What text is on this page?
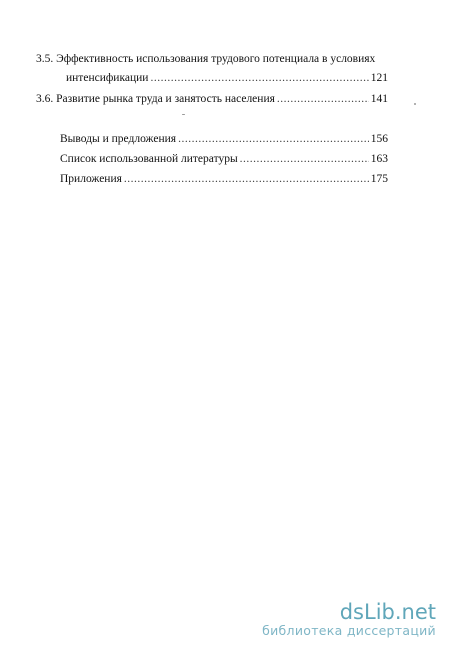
3.5. Эффективность использования трудового потенциала в условиях
интенсификации .....	121
3.6. Развитие рынка труда и занятость населения .....	141
Выводы и предложения .....	156
Список использованной литературы .....	163
Приложения .....	175
dsLib.net
библиотека диссертаций
